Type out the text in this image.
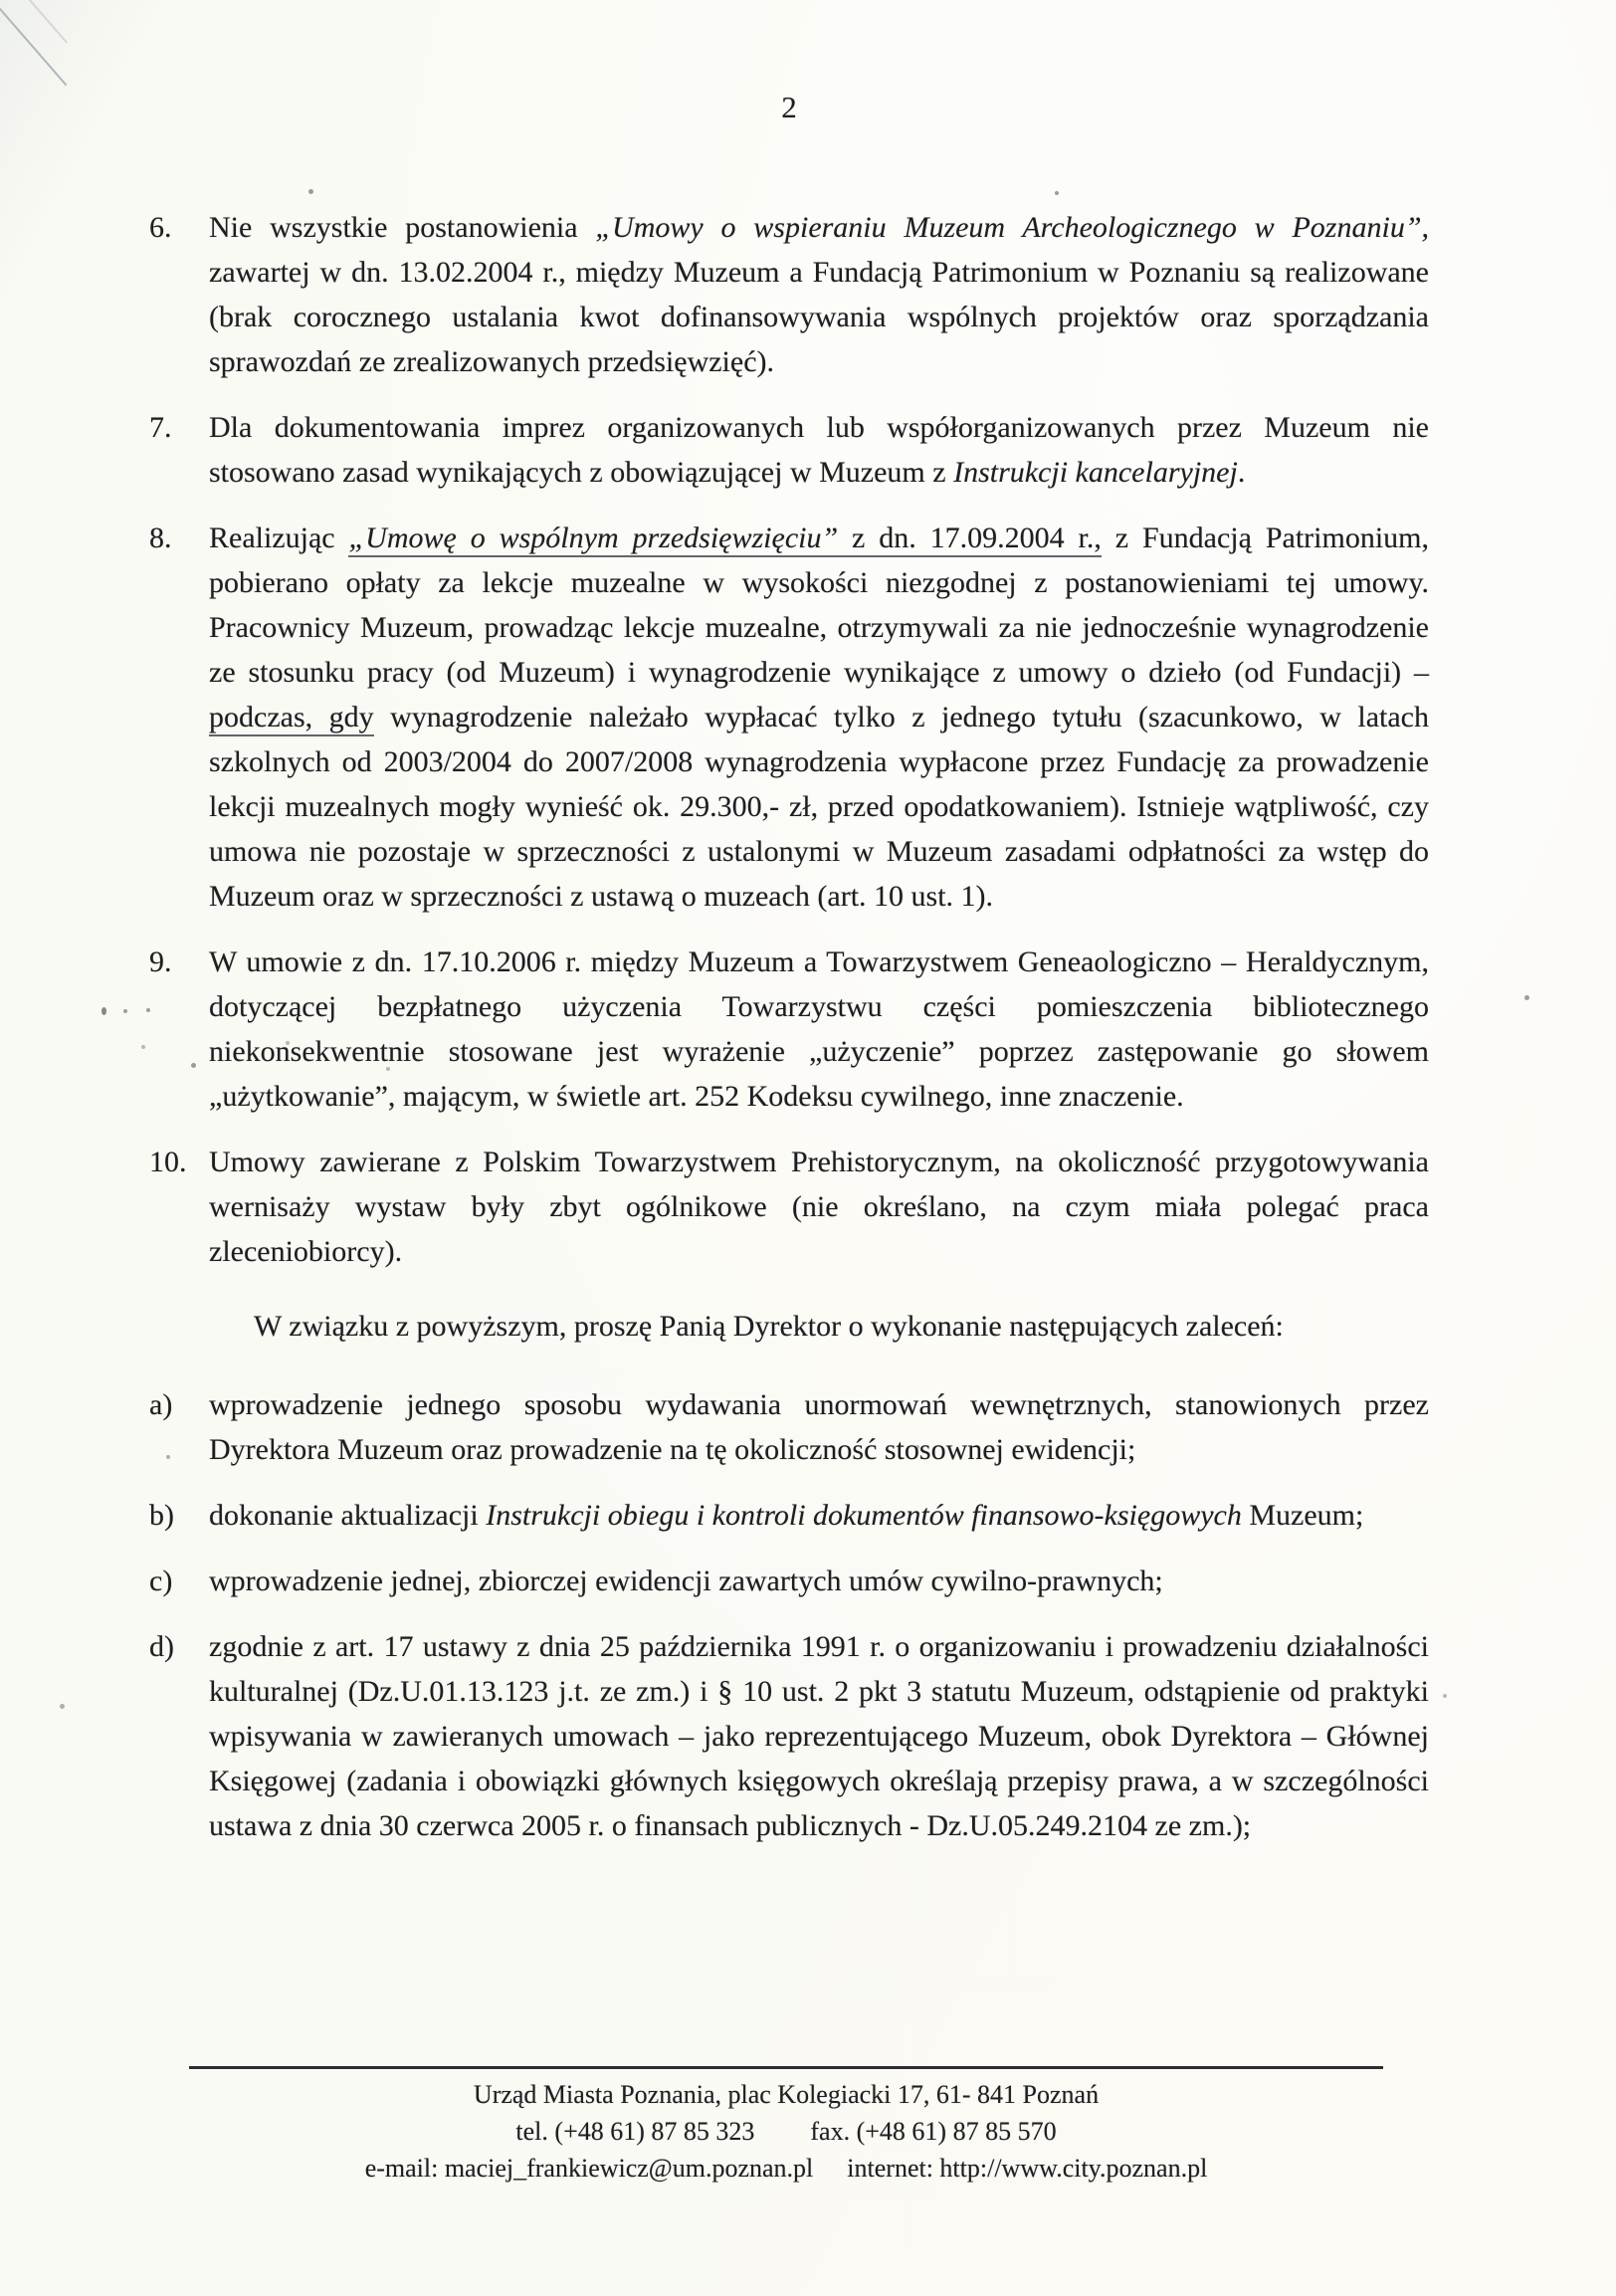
2
6.	Nie wszystkie postanowienia „Umowy o wspieraniu Muzeum Archeologicznego w Poznaniu”, zawartej w dn. 13.02.2004 r., między Muzeum a Fundacją Patrimonium w Poznaniu są realizowane (brak corocznego ustalania kwot dofinansowywania wspólnych projektów oraz sporządzania sprawozdań ze zrealizowanych przedsięwzięć).
7.	Dla dokumentowania imprez organizowanych lub współorganizowanych przez Muzeum nie stosowano zasad wynikających z obowiązującej w Muzeum z Instrukcji kancelaryjnej.
8.	Realizując „Umowę o wspólnym przedsięwzięciu” z dn. 17.09.2004 r., z Fundacją Patrimonium, pobierano opłaty za lekcje muzealne w wysokości niezgodnej z postanowieniami tej umowy. Pracownicy Muzeum, prowadząc lekcje muzealne, otrzymywali za nie jednocześnie wynagrodzenie ze stosunku pracy (od Muzeum) i wynagrodzenie wynikające z umowy o dzieło (od Fundacji) – podczas, gdy wynagrodzenie należało wypłacać tylko z jednego tytułu (szacunkowo, w latach szkolnych od 2003/2004 do 2007/2008 wynagrodzenia wypłacone przez Fundację za prowadzenie lekcji muzealnych mogły wynieść ok. 29.300,- zł, przed opodatkowaniem). Istnieje wątpliwość, czy umowa nie pozostaje w sprzeczności z ustalonymi w Muzeum zasadami odpłatności za wstęp do Muzeum oraz w sprzeczności z ustawą o muzeach (art. 10 ust. 1).
9.	W umowie z dn. 17.10.2006 r. między Muzeum a Towarzystwem Geneaologiczno – Heraldycznym, dotyczącej bezpłatnego użyczenia Towarzystwu części pomieszczenia bibliotecznego niekonsekwentnie stosowane jest wyrażenie „użyczenie” poprzez zastępowanie go słowem „użytkowanie”, mającym, w świetle art. 252 Kodeksu cywilnego, inne znaczenie.
10. Umowy zawierane z Polskim Towarzystwem Prehistorycznym, na okoliczność przygotowywania wernisaży wystaw były zbyt ogólnikowe (nie określano, na czym miała polegać praca zleceniobiorcy).
W związku z powyższym, proszę Panią Dyrektor o wykonanie następujących zaleceń:
a)	wprowadzenie jednego sposobu wydawania unormowań wewnętrznych, stanowionych przez Dyrektora Muzeum oraz prowadzenie na tę okoliczność stosownej ewidencji;
b)	dokonanie aktualizacji Instrukcji obiegu i kontroli dokumentów finansowo-księgowych Muzeum;
c)	wprowadzenie jednej, zbiorczej ewidencji zawartych umów cywilno-prawnych;
d)	zgodnie z art. 17 ustawy z dnia 25 października 1991 r. o organizowaniu i prowadzeniu działalności kulturalnej (Dz.U.01.13.123 j.t. ze zm.) i § 10 ust. 2 pkt 3 statutu Muzeum, odstąpienie od praktyki wpisywania w zawieranych umowach – jako reprezentującego Muzeum, obok Dyrektora – Głównej Księgowej (zadania i obowiązki głównych księgowych określają przepisy prawa, a w szczególności ustawa z dnia 30 czerwca 2005 r. o finansach publicznych - Dz.U.05.249.2104 ze zm.);
Urząd Miasta Poznania, plac Kolegiacki 17, 61- 841 Poznań
tel. (+48 61) 87 85 323 fax. (+48 61) 87 85 570
e-mail: maciej_frankiewicz@um.poznan.pl internet: http://www.city.poznan.pl
